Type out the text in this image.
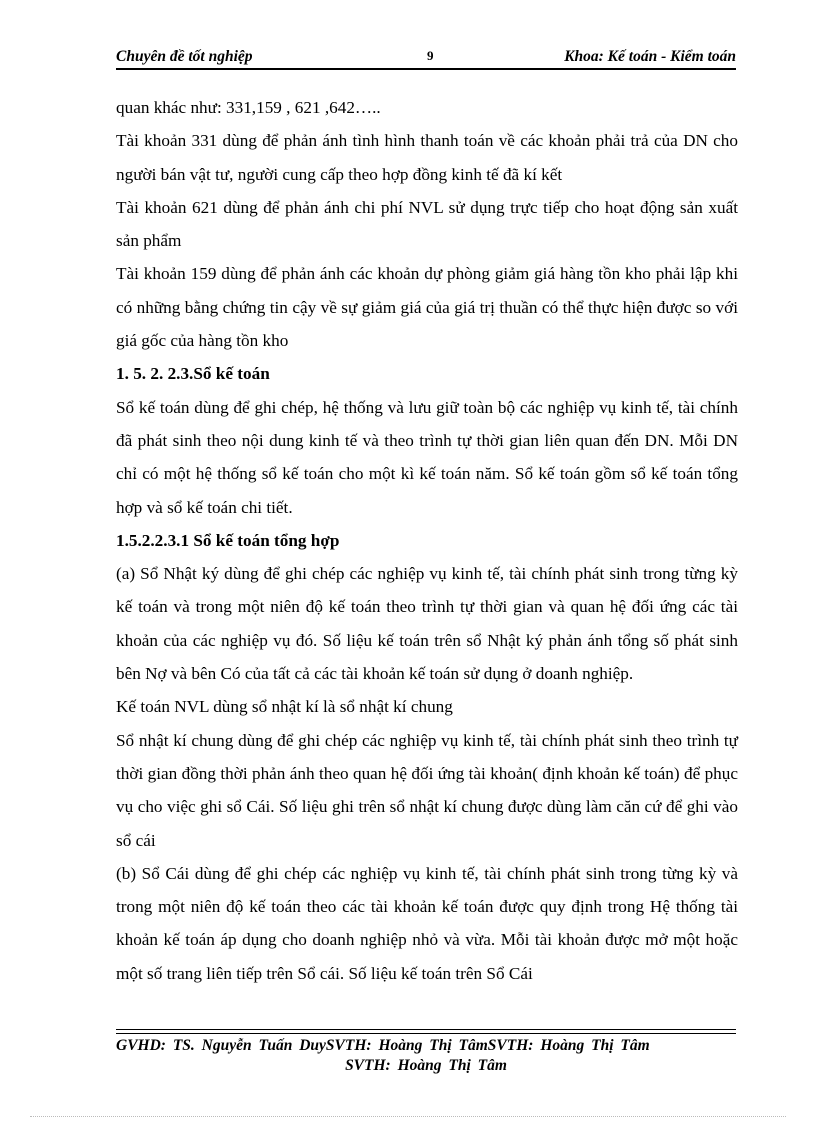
Chuyên đề tốt nghiệp	9	Khoa: Kế toán - Kiểm toán

quan khác như: 331,159 , 621 ,642…..

Tài khoản 331 dùng để phản ánh tình hình thanh toán về các khoản phải trả của DN cho người bán vật tư, người cung cấp theo hợp đồng kinh tế đã kí kết

Tài khoản 621 dùng để phản ánh chi phí NVL sử dụng trực tiếp cho hoạt động sản xuất sản phẩm

Tài khoản 159 dùng để phản ánh các khoản dự phòng giảm giá hàng tồn kho phải lập khi có những bằng chứng tin cậy về sự giảm giá của giá trị thuần có thể thực hiện được so với giá gốc của hàng tồn kho

1. 5. 2. 2.3.Sổ kế toán

Sổ kế toán dùng để ghi chép, hệ thống và lưu giữ toàn bộ các nghiệp vụ kinh tế, tài chính đã phát sinh theo nội dung kinh tế và theo trình tự thời gian liên quan đến DN. Mỗi DN chỉ có một hệ thống sổ kế toán cho một kì kế toán năm. Sổ kế toán gồm sổ kế toán tổng hợp và sổ kế toán chi tiết.

1.5.2.2.3.1 Sổ kế toán tổng hợp

(a) Sổ Nhật ký dùng để ghi chép các nghiệp vụ kinh tế, tài chính phát sinh trong từng kỳ kế toán và trong một niên độ kế toán theo trình tự thời gian và quan hệ đối ứng các tài khoản của các nghiệp vụ đó. Số liệu kế toán trên sổ Nhật ký phản ánh tổng số phát sinh bên Nợ và bên Có của tất cả các tài khoản kế toán sử dụng ở doanh nghiệp.

Kế toán NVL dùng sổ nhật kí là sổ nhật kí chung

Sổ nhật kí chung dùng để ghi chép các nghiệp vụ kinh tế, tài chính phát sinh theo trình tự thời gian đồng thời phản ánh theo quan hệ đối ứng tài khoản( định khoản kế toán) để phục vụ cho việc ghi sổ Cái. Số liệu ghi trên sổ nhật kí chung được dùng làm căn cứ để ghi vào sổ cái

(b) Sổ Cái dùng để ghi chép các nghiệp vụ kinh tế, tài chính phát sinh trong từng kỳ và trong một niên độ kế toán theo các tài khoản kế toán được quy định trong Hệ thống tài khoản kế toán áp dụng cho doanh nghiệp nhỏ và vừa. Mỗi tài khoản được mở một hoặc một số trang liên tiếp trên Sổ cái. Số liệu kế toán trên Sổ Cái

GVHD: TS. Nguyễn Tuấn DuySVTH: Hoàng Thị TâmSVTH: Hoàng Thị Tâm
SVTH: Hoàng Thị Tâm
